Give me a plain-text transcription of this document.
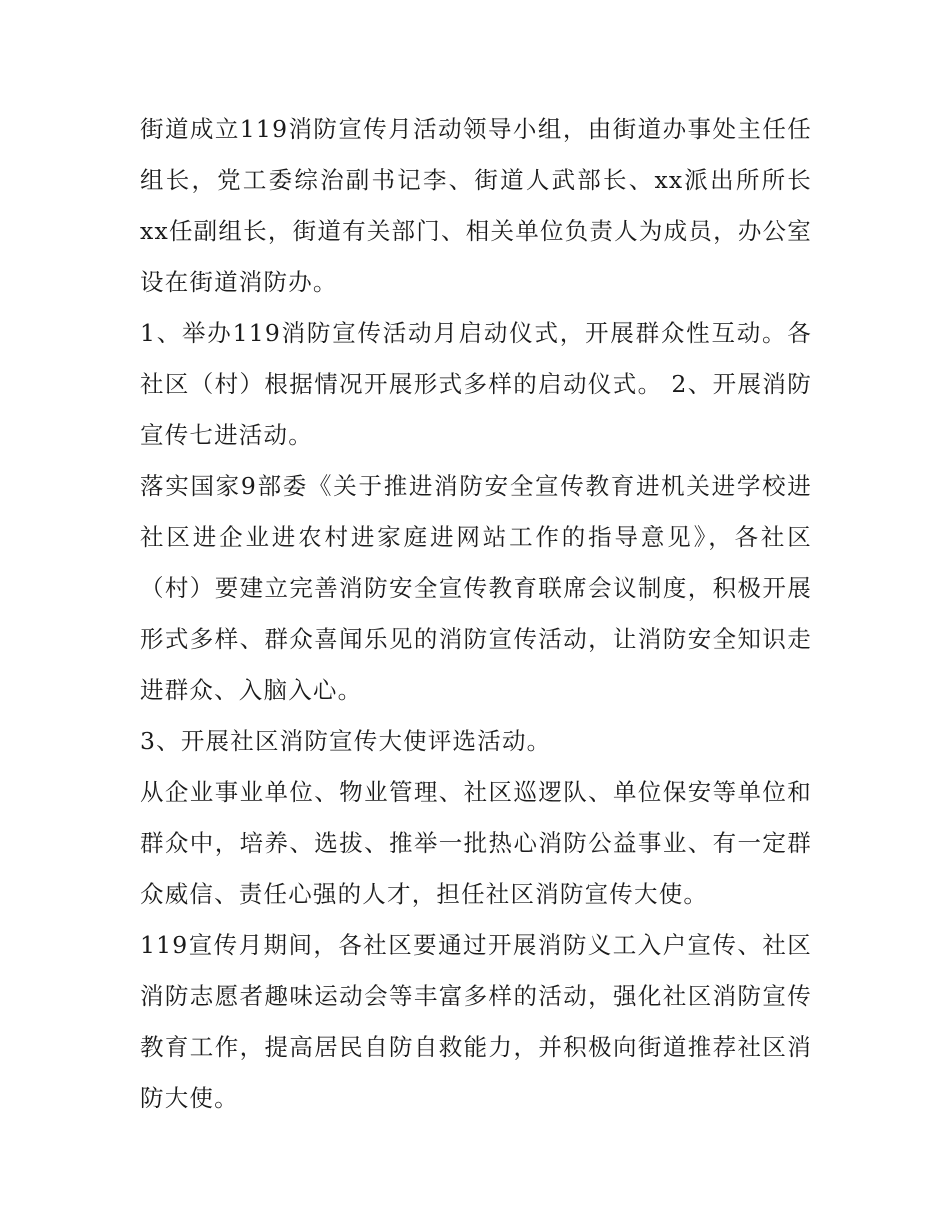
街道成立119消防宣传月活动领导小组，由街道办事处主任任组长，党工委综治副书记李、街道人武部长、xx派出所所长xx任副组长，街道有关部门、相关单位负责人为成员，办公室设在街道消防办。

1、举办119消防宣传活动月启动仪式，开展群众性互动。各社区（村）根据情况开展形式多样的启动仪式。 2、开展消防宣传七进活动。

落实国家9部委《关于推进消防安全宣传教育进机关进学校进社区进企业进农村进家庭进网站工作的指导意见》，各社区（村）要建立完善消防安全宣传教育联席会议制度，积极开展形式多样、群众喜闻乐见的消防宣传活动，让消防安全知识走进群众、入脑入心。

3、开展社区消防宣传大使评选活动。

从企业事业单位、物业管理、社区巡逻队、单位保安等单位和群众中，培养、选拔、推举一批热心消防公益事业、有一定群众威信、责任心强的人才，担任社区消防宣传大使。

119宣传月期间，各社区要通过开展消防义工入户宣传、社区消防志愿者趣味运动会等丰富多样的活动，强化社区消防宣传教育工作，提高居民自防自救能力，并积极向街道推荐社区消防大使。
